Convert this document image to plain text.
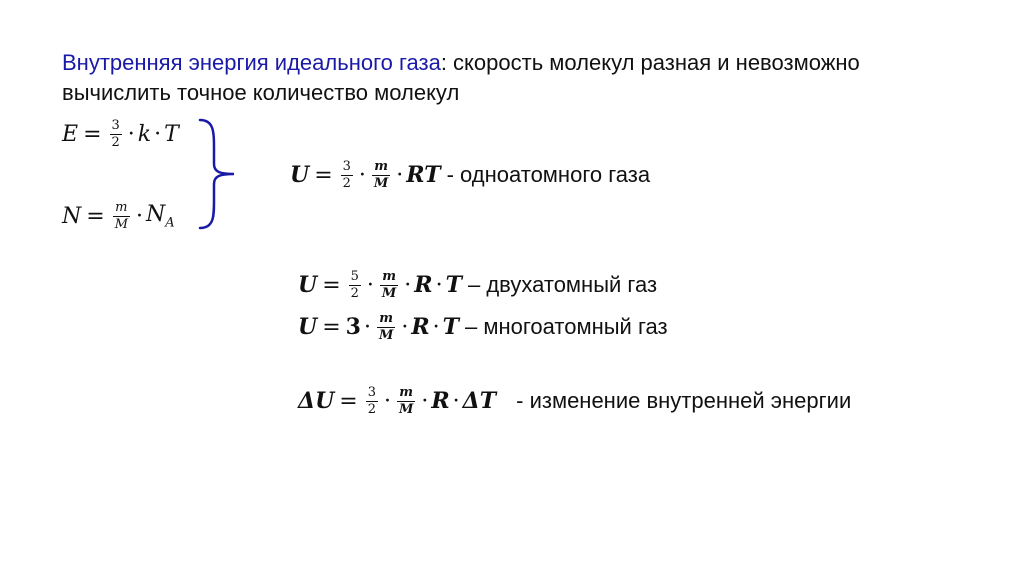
Внутренняя энергия идеального газа: скорость молекул разная и невозможно
вычислить точное количество молекул
$E = \frac{3}{2} \cdot k \cdot T$
$N = \frac{m}{M} \cdot N_A$
$U = \frac{3}{2} \cdot \frac{m}{M}$ · RT - одноатомного газа
$U = \frac{5}{2} \cdot \frac{m}{M} \cdot R \cdot T$ – двухатомный газ
$U = 3 \cdot \frac{m}{M} \cdot R \cdot T$ – многоатомный газ
$\Delta U = \frac{3}{2} \cdot \frac{m}{M} \cdot R \cdot \Delta T$ - изменение внутренней энергии
